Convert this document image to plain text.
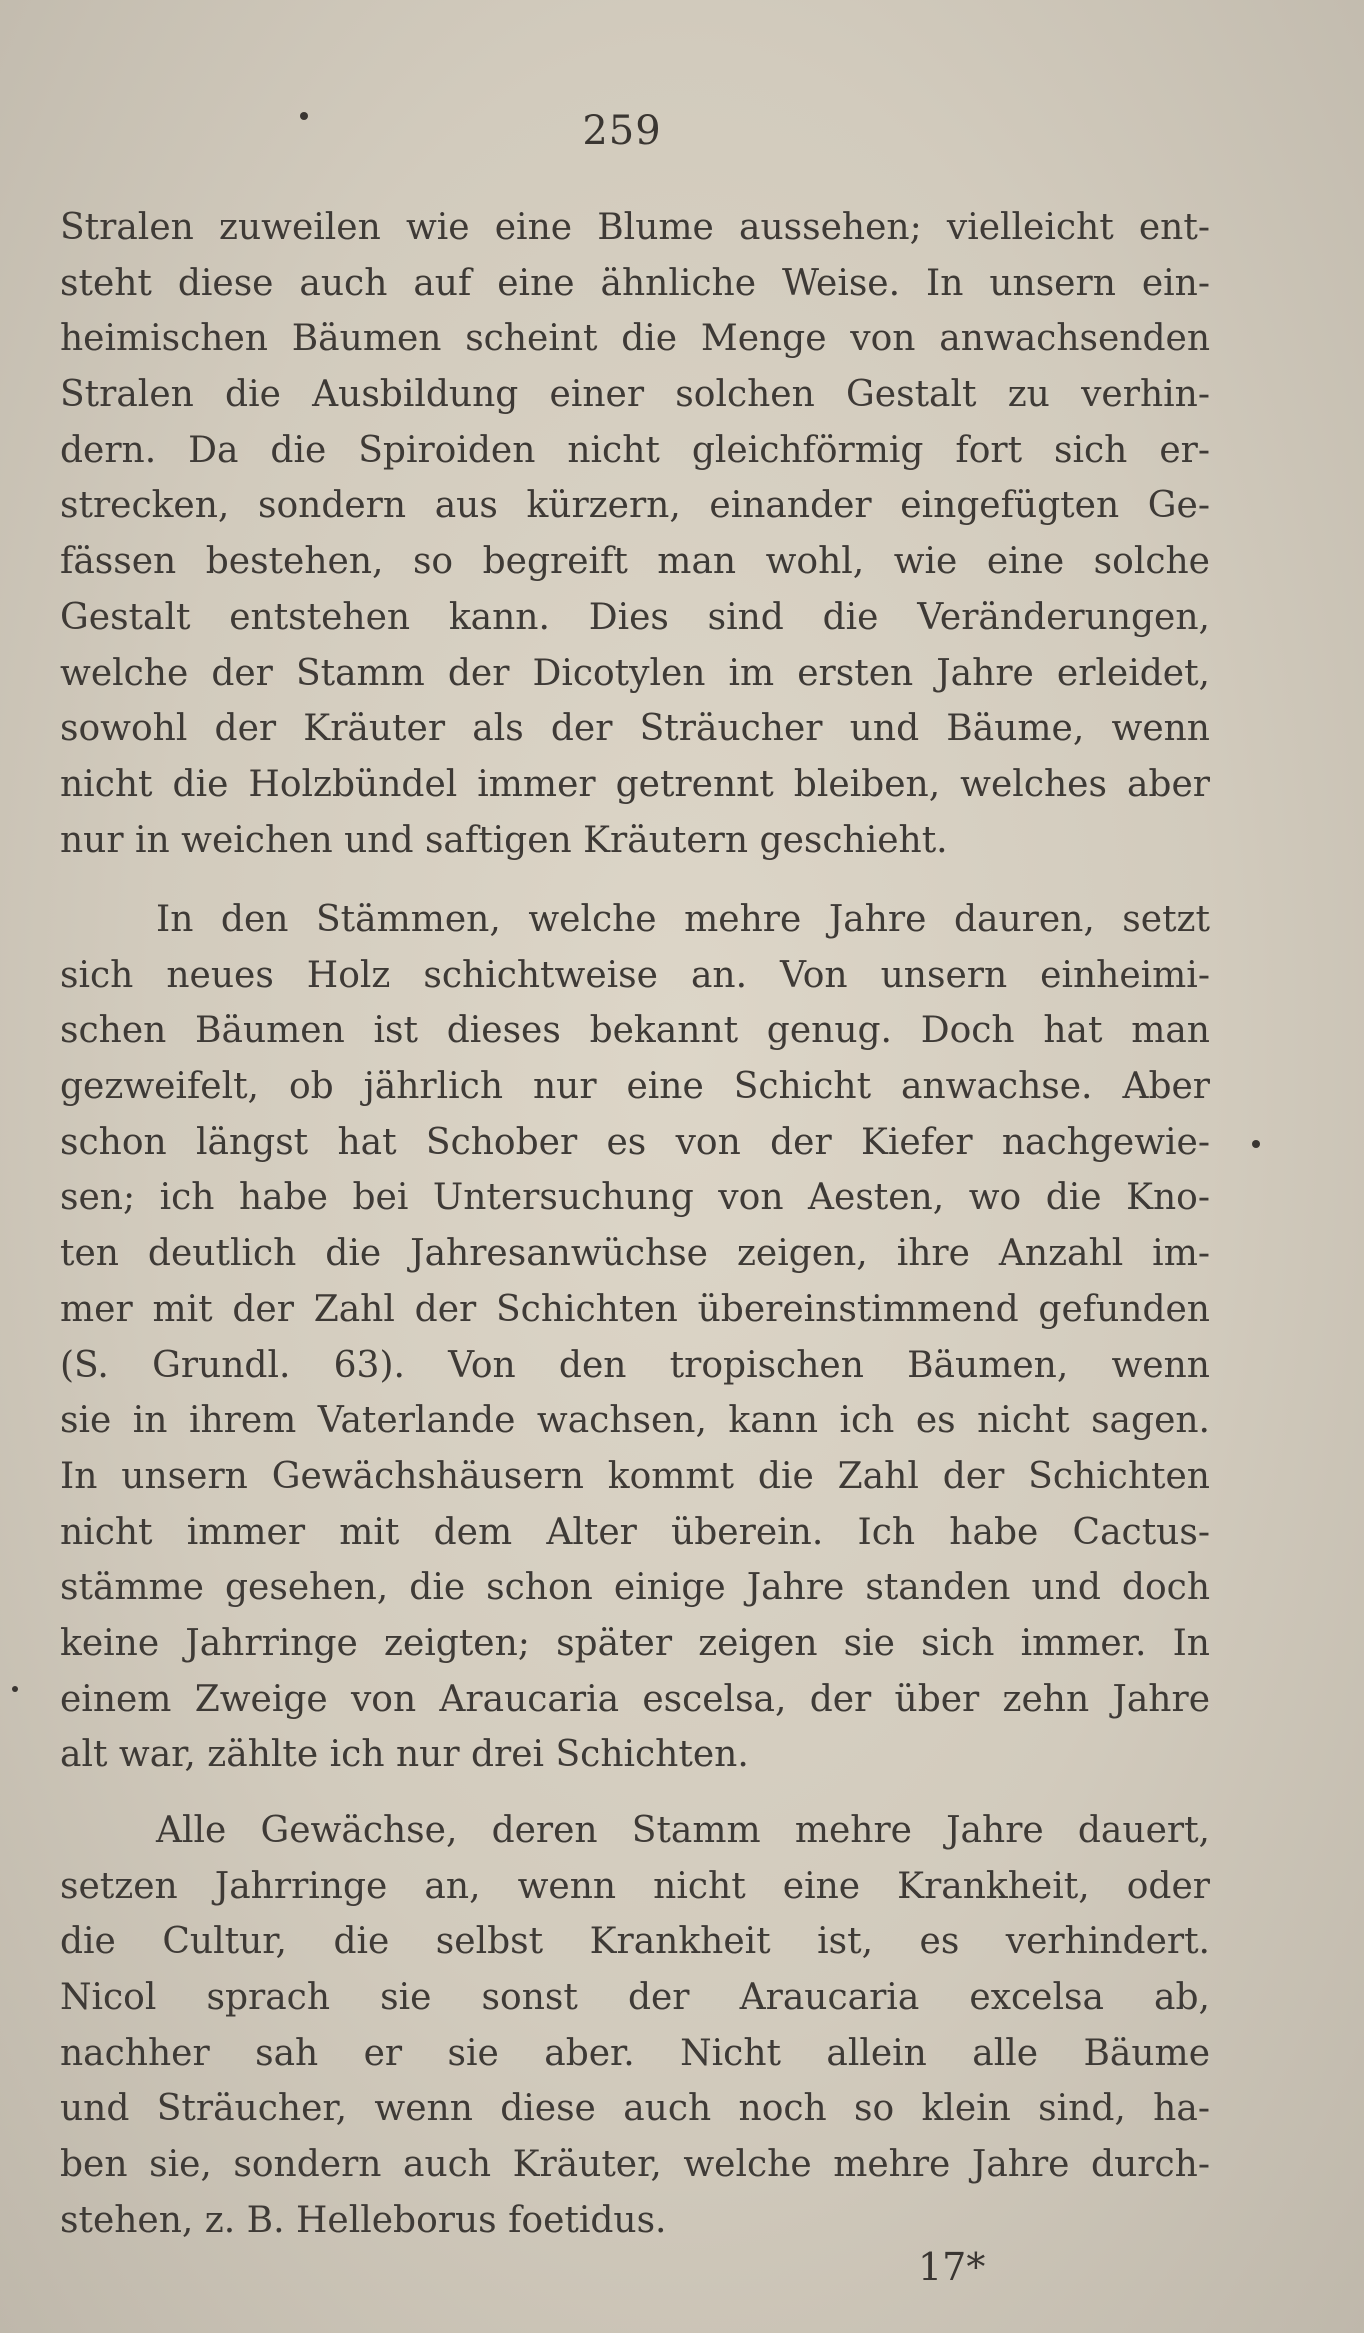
259
Stralen zuweilen wie eine Blume aussehen; vielleicht ent-
steht diese auch auf eine ähnliche Weise. In unsern ein-
heimischen Bäumen scheint die Menge von anwachsenden
Stralen die Ausbildung einer solchen Gestalt zu verhin-
dern. Da die Spiroiden nicht gleichförmig fort sich er-
strecken, sondern aus kürzern, einander eingefügten Ge-
fässen bestehen, so begreift man wohl, wie eine solche
Gestalt entstehen kann. Dies sind die Veränderungen,
welche der Stamm der Dicotylen im ersten Jahre erleidet,
sowohl der Kräuter als der Sträucher und Bäume, wenn
nicht die Holzbündel immer getrennt bleiben, welches aber
nur in weichen und saftigen Kräutern geschieht.
In den Stämmen, welche mehre Jahre dauren, setzt
sich neues Holz schichtweise an. Von unsern einheimi-
schen Bäumen ist dieses bekannt genug. Doch hat man
gezweifelt, ob jährlich nur eine Schicht anwachse. Aber
schon längst hat Schober es von der Kiefer nachgewie-
sen; ich habe bei Untersuchung von Aesten, wo die Kno-
ten deutlich die Jahresanwüchse zeigen, ihre Anzahl im-
mer mit der Zahl der Schichten übereinstimmend gefunden
(S. Grundl. 63). Von den tropischen Bäumen, wenn
sie in ihrem Vaterlande wachsen, kann ich es nicht sagen.
In unsern Gewächshäusern kommt die Zahl der Schichten
nicht immer mit dem Alter überein. Ich habe Cactus-
stämme gesehen, die schon einige Jahre standen und doch
keine Jahrringe zeigten; später zeigen sie sich immer. In
einem Zweige von Araucaria escelsa, der über zehn Jahre
alt war, zählte ich nur drei Schichten.
Alle Gewächse, deren Stamm mehre Jahre dauert,
setzen Jahrringe an, wenn nicht eine Krankheit, oder
die Cultur, die selbst Krankheit ist, es verhindert.
Nicol sprach sie sonst der Araucaria excelsa ab,
nachher sah er sie aber. Nicht allein alle Bäume
und Sträucher, wenn diese auch noch so klein sind, ha-
ben sie, sondern auch Kräuter, welche mehre Jahre durch-
stehen, z. B. Helleborus foetidus.
17*
